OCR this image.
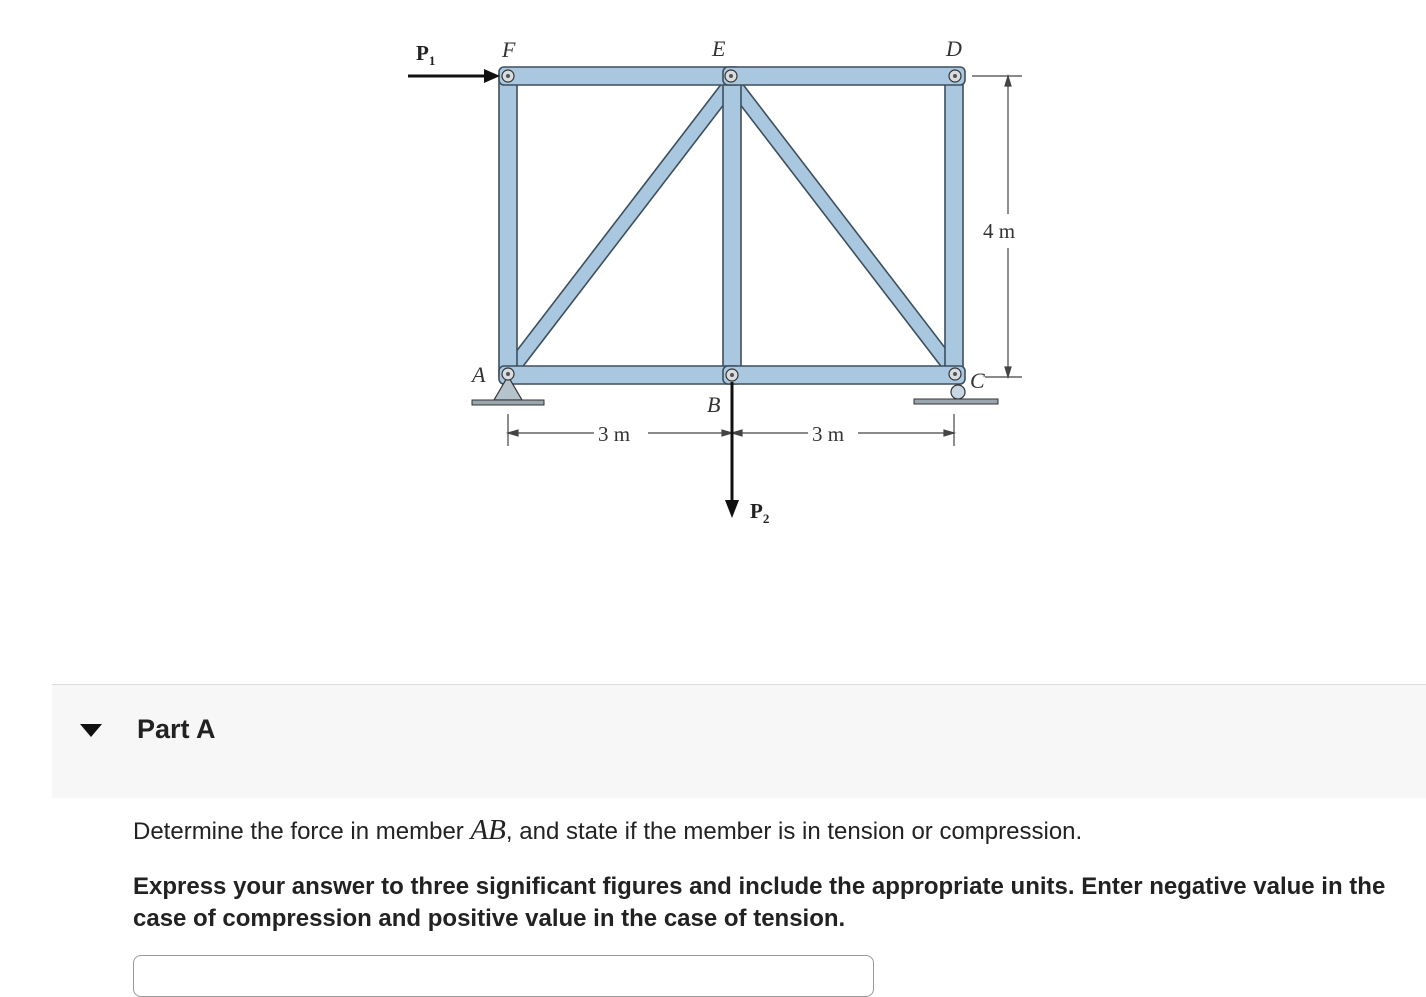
$P_1$
$P_2$
F	E	D
A
B
C
3 m	3 m
4 m
Part A
Determine the force in member AB, and state if the member is in tension or compression.
Express your answer to three significant figures and include the appropriate units. Enter negative value in the case of compression and positive value in the case of tension.
